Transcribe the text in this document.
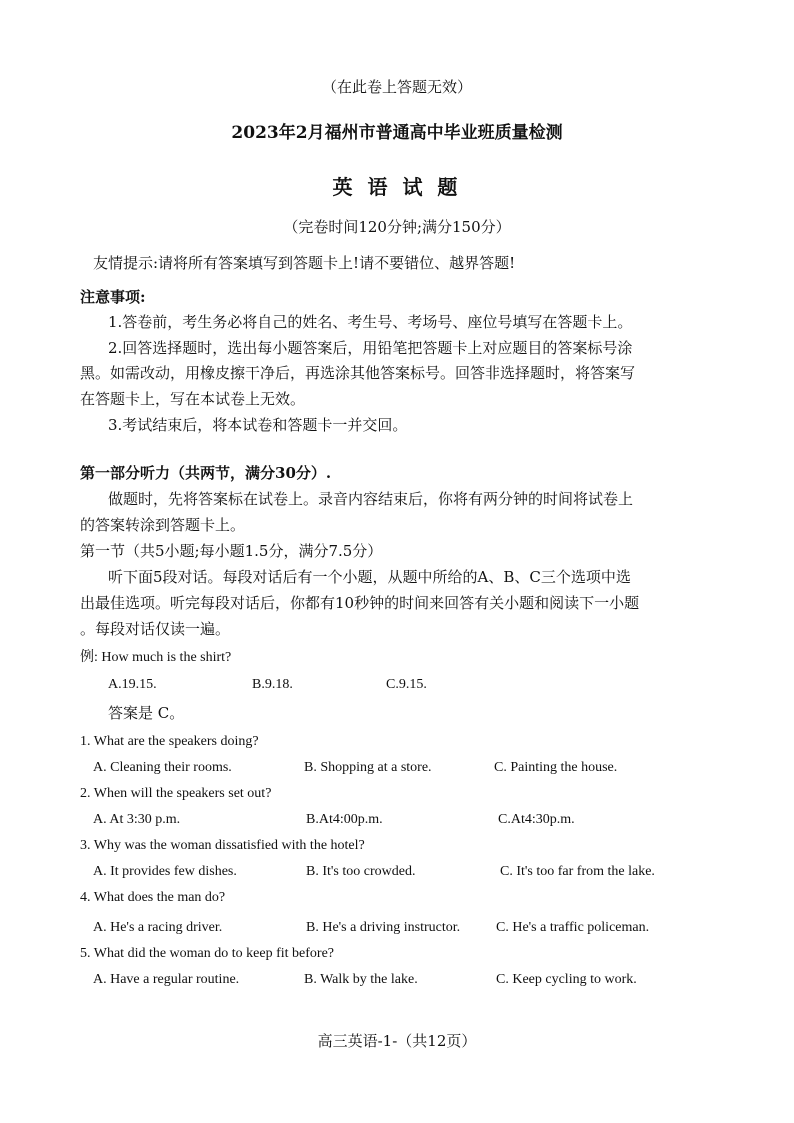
（在此卷上答题无效）
2023年2月福州市普通高中毕业班质量检测
英 语 试 题
（完卷时间120分钟;满分150分）
友情提示:请将所有答案填写到答题卡上!请不要错位、越界答题!
注意事项:
1.答卷前，考生务必将自己的姓名、考生号、考场号、座位号填写在答题卡上。
2.回答选择题时，选出每小题答案后，用铅笔把答题卡上对应题目的答案标号涂
黑。如需改动，用橡皮擦干净后，再选涂其他答案标号。回答非选择题时，将答案写
在答题卡上，写在本试卷上无效。
3.考试结束后，将本试卷和答题卡一并交回。
第一部分听力（共两节，满分30分）.
做题时，先将答案标在试卷上。录音内容结束后，你将有两分钟的时间将试卷上
的答案转涂到答题卡上。
第一节（共5小题;每小题1.5分，满分7.5分）
听下面5段对话。每段对话后有一个小题，从题中所给的A、B、C三个选项中选
出最佳选项。听完每段对话后，你都有10秒钟的时间来回答有关小题和阅读下一小题
。每段对话仅读一遍。
例: How much is the shirt?
A.19.15.	B.9.18.	C.9.15.
答案是 C。
1. What are the speakers doing?
A. Cleaning their rooms.	B. Shopping at a store.	C. Painting the house.
2. When will the speakers set out?
A. At 3:30 p.m.	B.At4:00p.m.	C.At4:30p.m.
3. Why was the woman dissatisfied with the hotel?
A. It provides few dishes.	B. It's too crowded.	C. It's too far from the lake.
4. What does the man do?
A. He's a racing driver.	B. He's a driving instructor.	C. He's a traffic policeman.
5. What did the woman do to keep fit before?
A. Have a regular routine.	B. Walk by the lake.	C. Keep cycling to work.
高三英语-1-（共12页）
